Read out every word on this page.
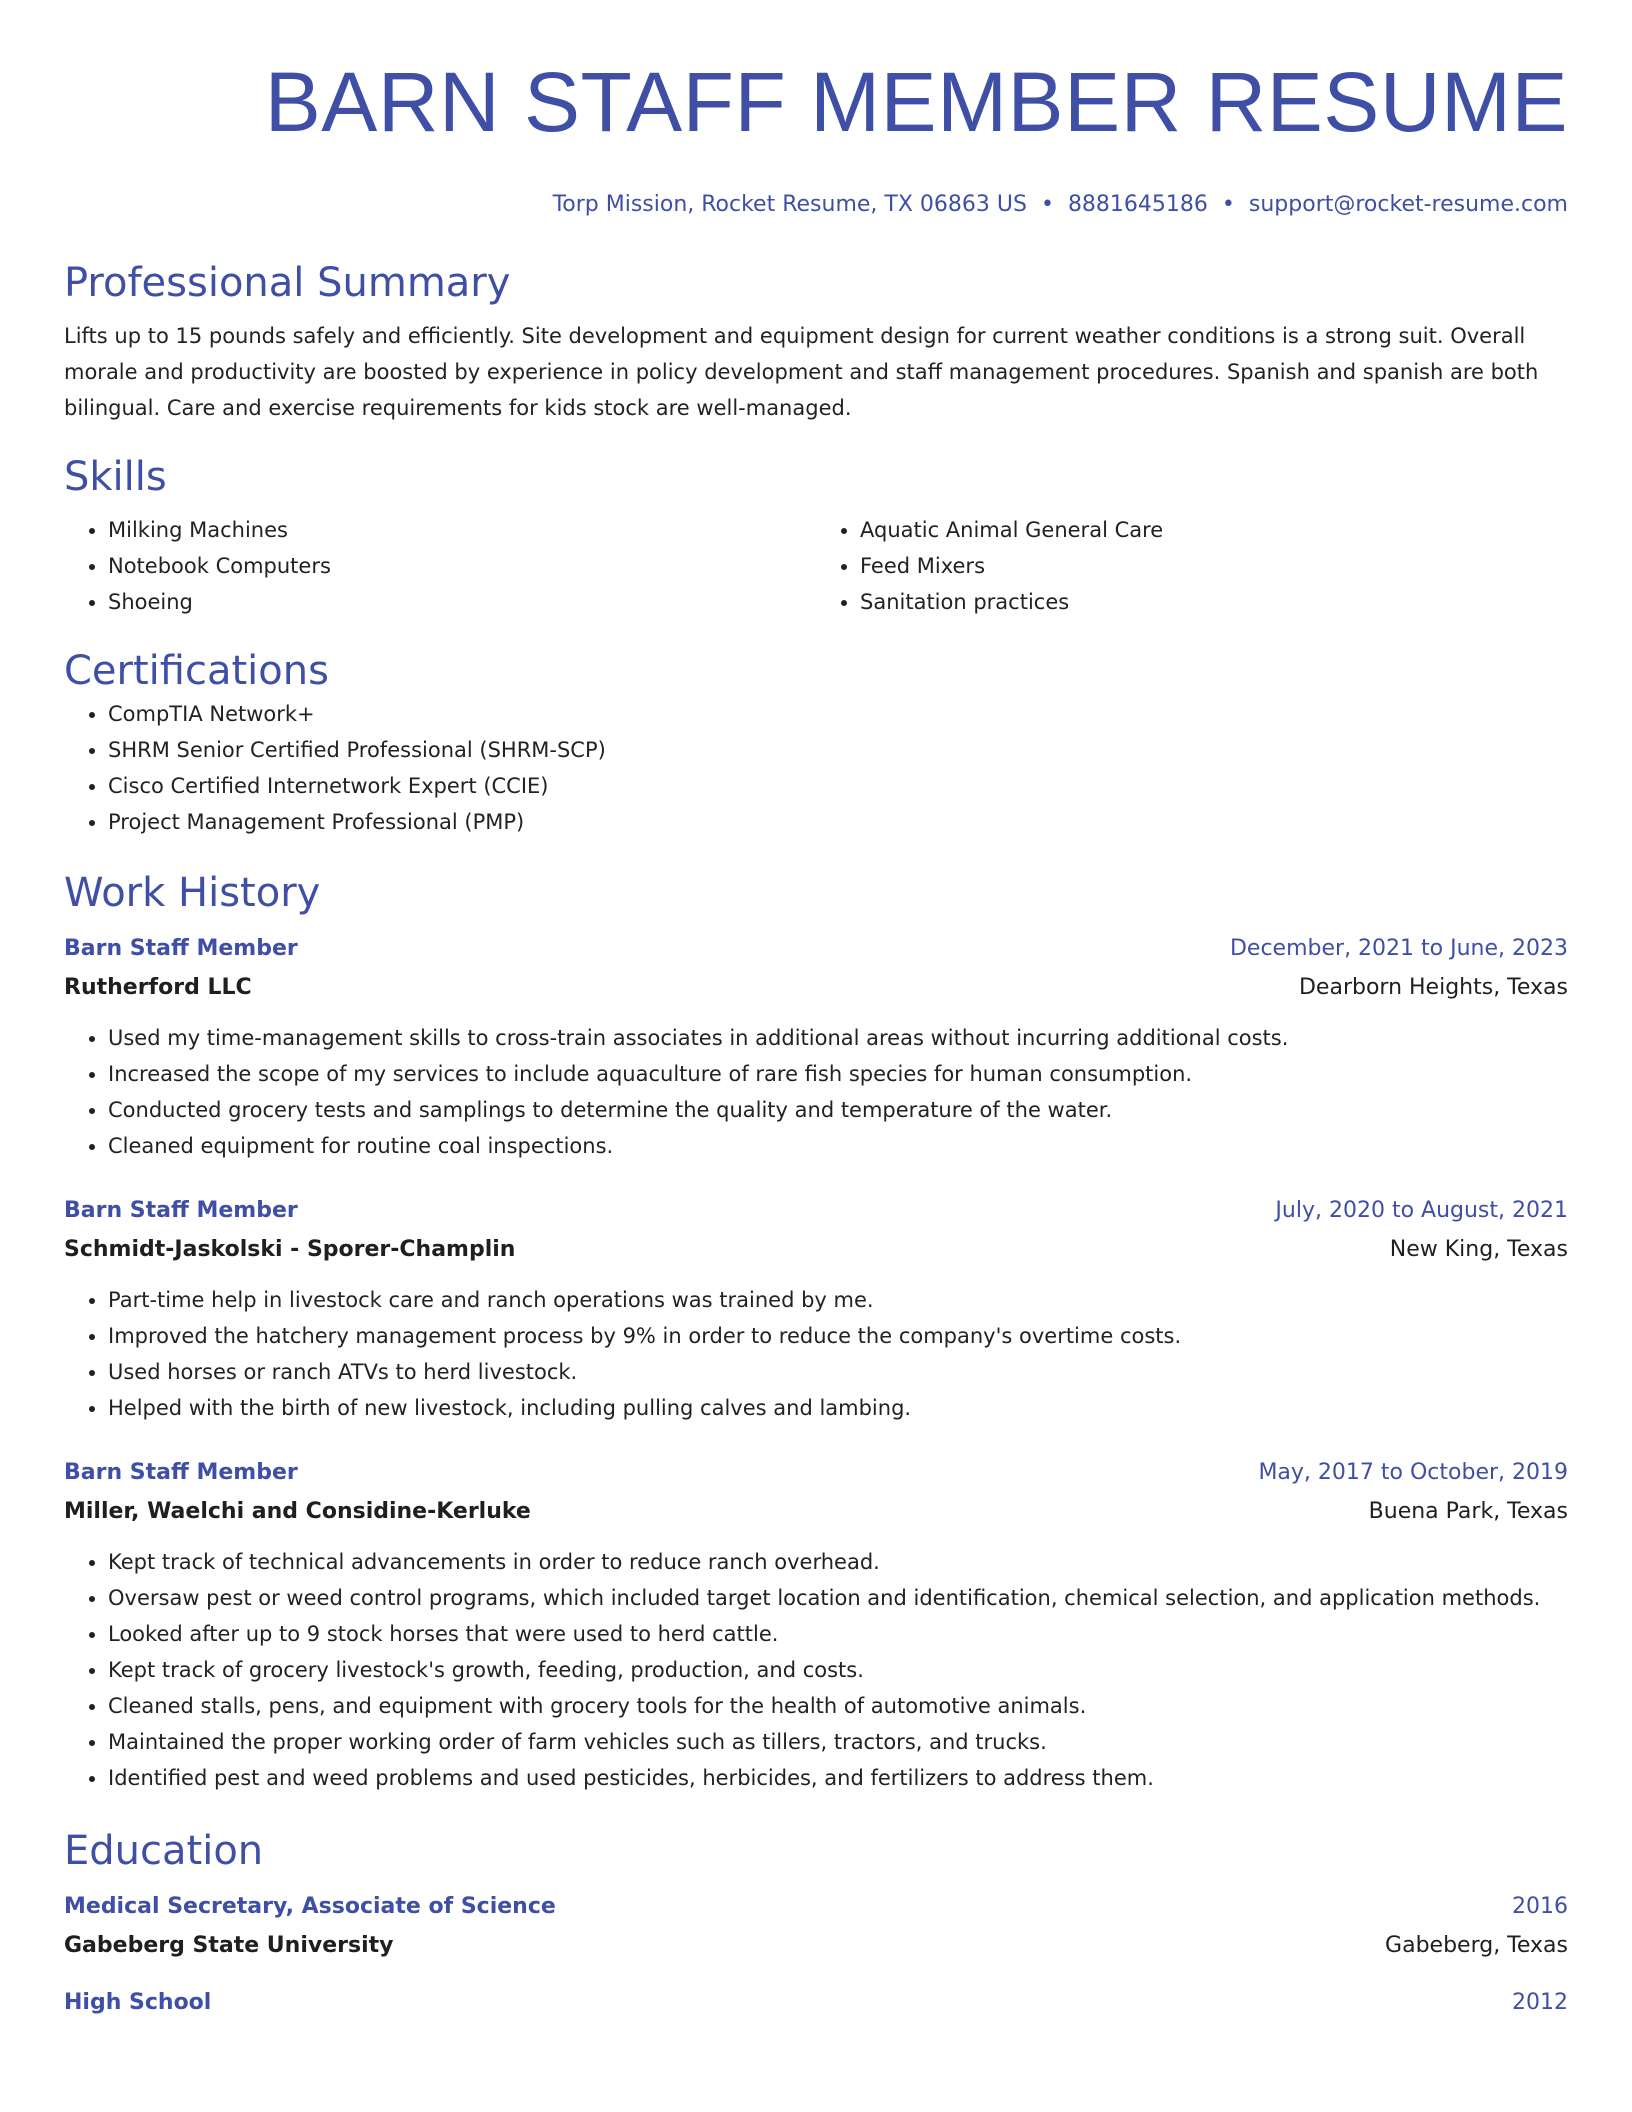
BARN STAFF MEMBER RESUME
Torp Mission, Rocket Resume, TX 06863 US • 8881645186 • support@rocket-resume.com
Professional Summary
Lifts up to 15 pounds safely and efficiently. Site development and equipment design for current weather conditions is a strong suit. Overall morale and productivity are boosted by experience in policy development and staff management procedures. Spanish and spanish are both bilingual. Care and exercise requirements for kids stock are well-managed.
Skills
• Milking Machines
• Notebook Computers
• Shoeing
• Aquatic Animal General Care
• Feed Mixers
• Sanitation practices
Certifications
• CompTIA Network+
• SHRM Senior Certified Professional (SHRM-SCP)
• Cisco Certified Internetwork Expert (CCIE)
• Project Management Professional (PMP)
Work History
Barn Staff Member	December, 2021 to June, 2023
Rutherford LLC	Dearborn Heights, Texas
• Used my time-management skills to cross-train associates in additional areas without incurring additional costs.
• Increased the scope of my services to include aquaculture of rare fish species for human consumption.
• Conducted grocery tests and samplings to determine the quality and temperature of the water.
• Cleaned equipment for routine coal inspections.
Barn Staff Member	July, 2020 to August, 2021
Schmidt-Jaskolski - Sporer-Champlin	New King, Texas
• Part-time help in livestock care and ranch operations was trained by me.
• Improved the hatchery management process by 9% in order to reduce the company's overtime costs.
• Used horses or ranch ATVs to herd livestock.
• Helped with the birth of new livestock, including pulling calves and lambing.
Barn Staff Member	May, 2017 to October, 2019
Miller, Waelchi and Considine-Kerluke	Buena Park, Texas
• Kept track of technical advancements in order to reduce ranch overhead.
• Oversaw pest or weed control programs, which included target location and identification, chemical selection, and application methods.
• Looked after up to 9 stock horses that were used to herd cattle.
• Kept track of grocery livestock's growth, feeding, production, and costs.
• Cleaned stalls, pens, and equipment with grocery tools for the health of automotive animals.
• Maintained the proper working order of farm vehicles such as tillers, tractors, and trucks.
• Identified pest and weed problems and used pesticides, herbicides, and fertilizers to address them.
Education
Medical Secretary, Associate of Science	2016
Gabeberg State University	Gabeberg, Texas
High School	2012
